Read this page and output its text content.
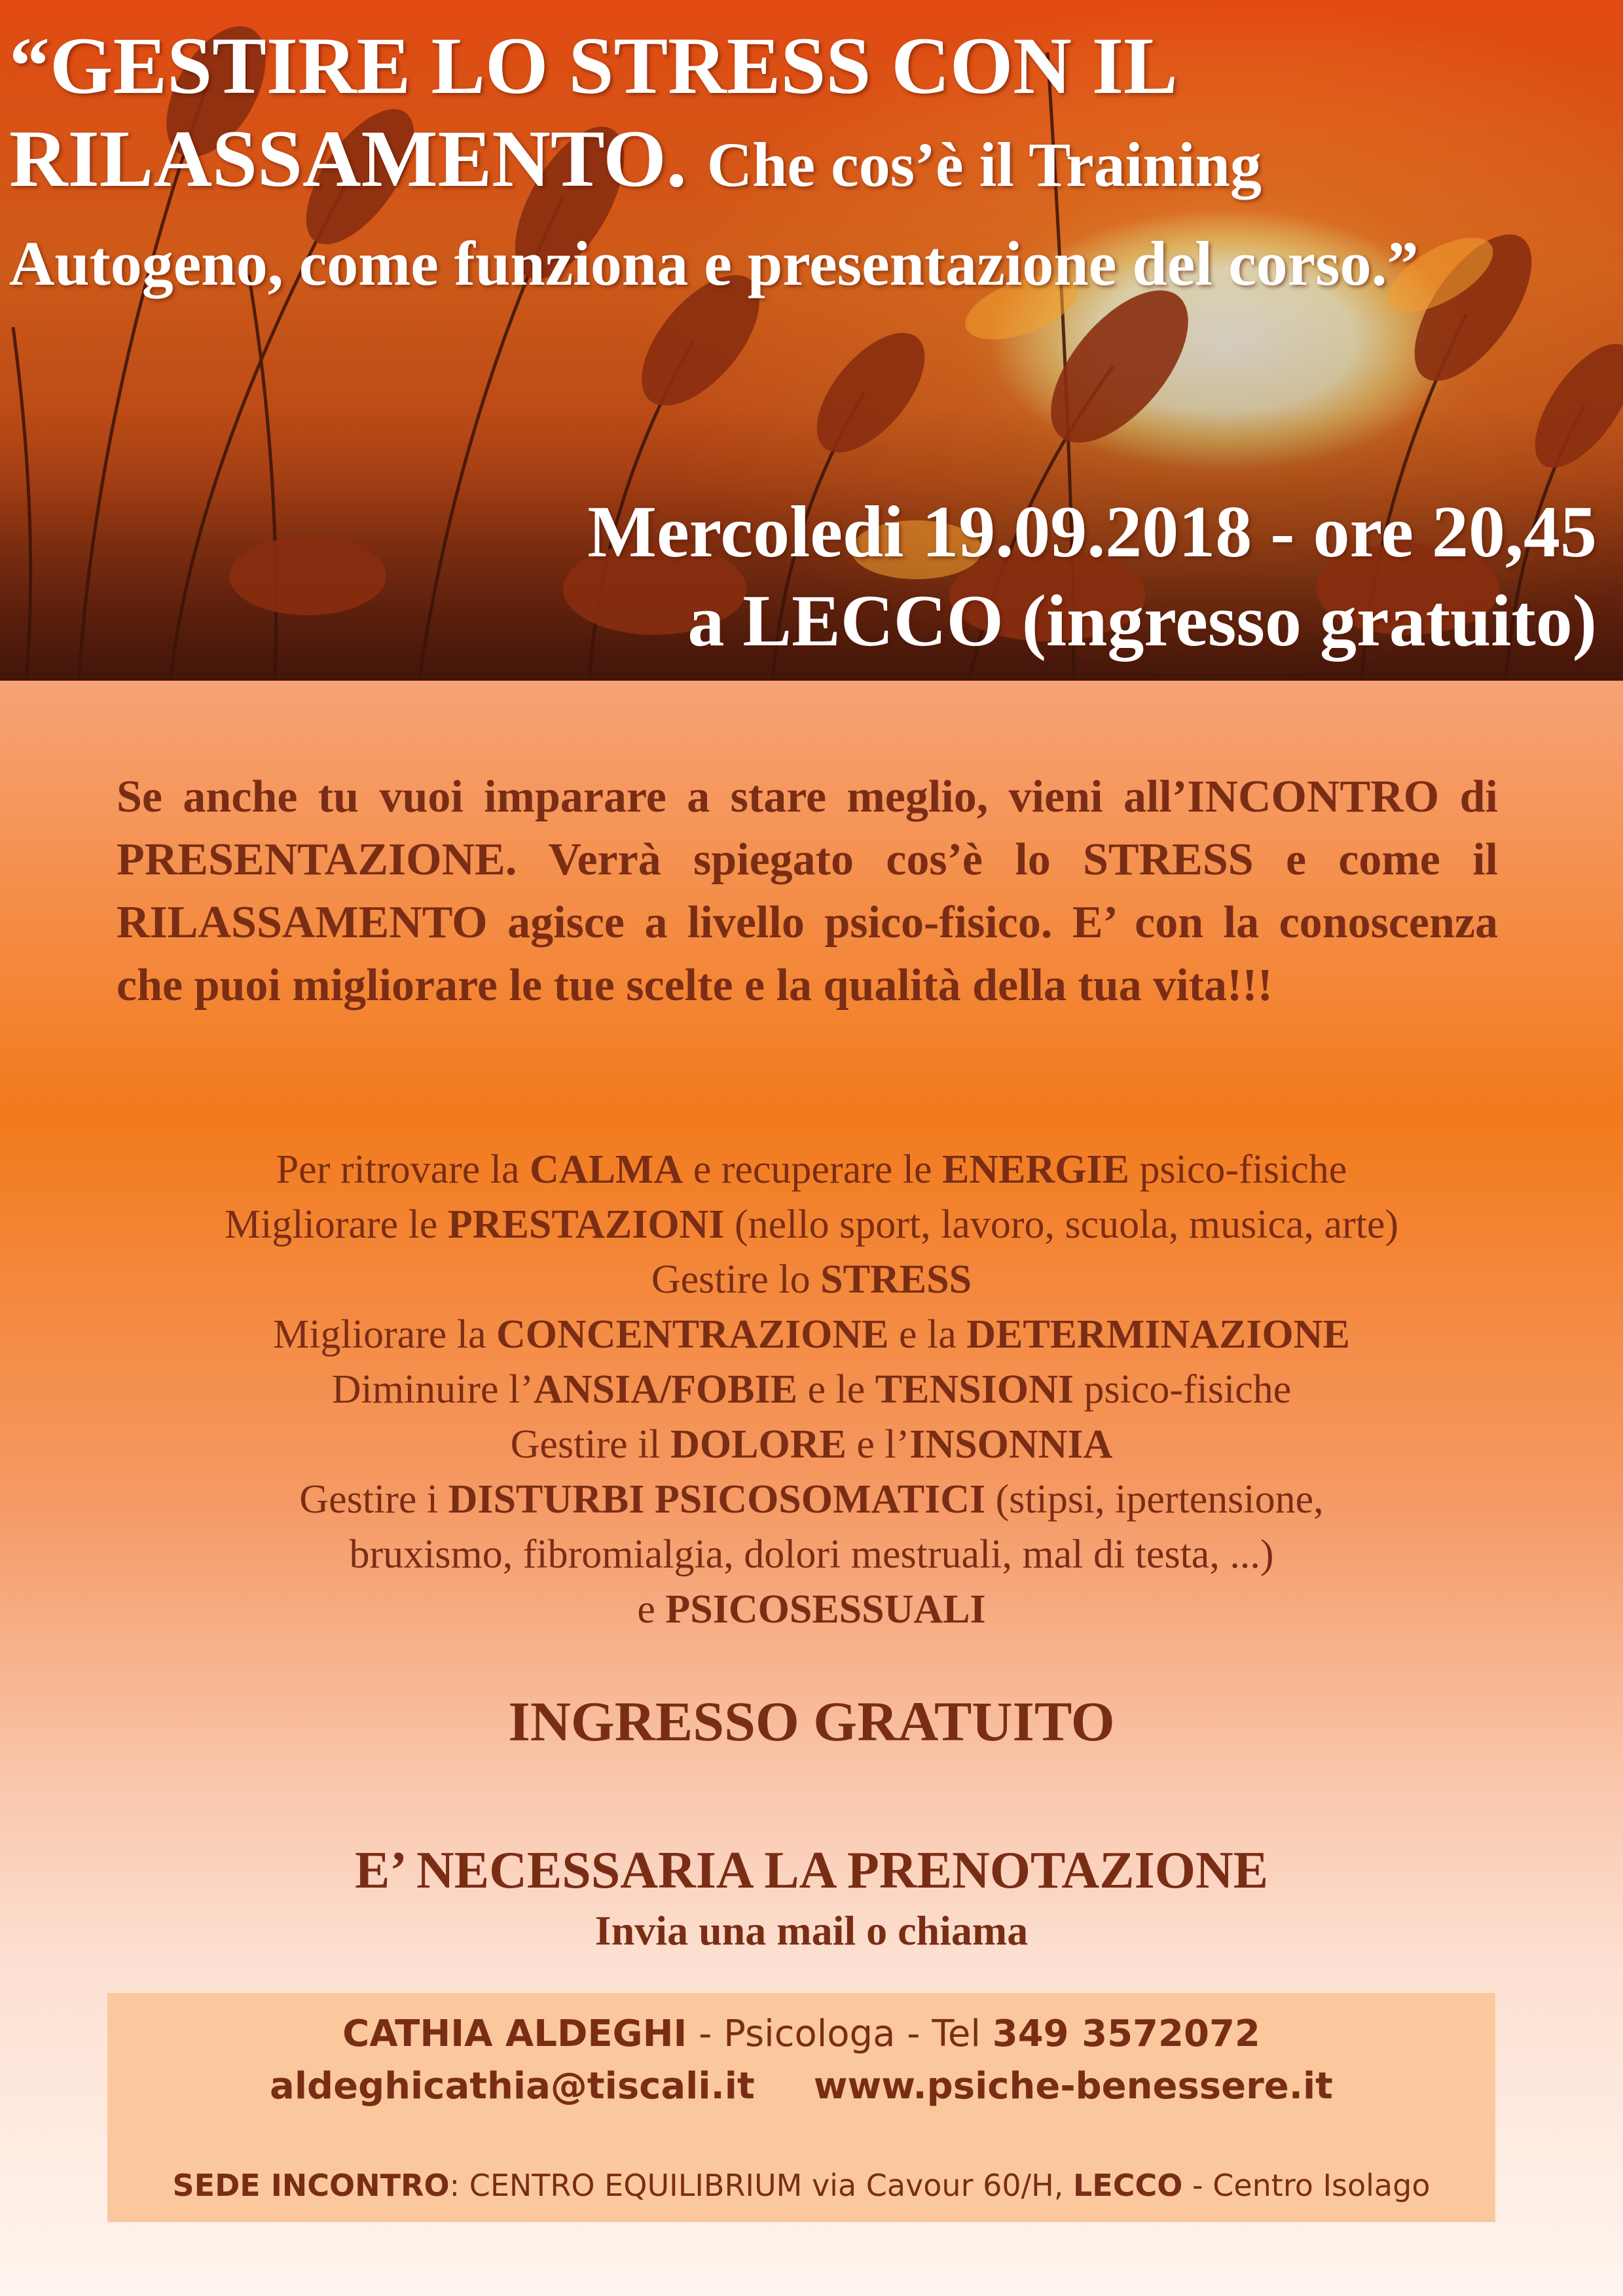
“GESTIRE LO STRESS CON IL RILASSAMENTO. Che cos’è il Training Autogeno, come funziona e presentazione del corso.”
Mercoledi 19.09.2018 - ore 20,45
a LECCO (ingresso gratuito)

Se anche tu vuoi imparare a stare meglio, vieni all’INCONTRO di PRESENTAZIONE. Verrà spiegato cos’è lo STRESS e come il RILASSAMENTO agisce a livello psico-fisico. E’ con la conoscenza che puoi migliorare le tue scelte e la qualità della tua vita!!!

Per ritrovare la CALMA e recuperare le ENERGIE psico-fisiche
Migliorare le PRESTAZIONI (nello sport, lavoro, scuola, musica, arte)
Gestire lo STRESS
Migliorare la CONCENTRAZIONE e la DETERMINAZIONE
Diminuire l’ANSIA/FOBIE e le TENSIONI psico-fisiche
Gestire il DOLORE e l’INSONNIA
Gestire i DISTURBI PSICOSOMATICI (stipsi, ipertensione,
bruxismo, fibromialgia, dolori mestruali, mal di testa, ...)
e PSICOSESSUALI
INGRESSO GRATUITO
E’ NECESSARIA LA PRENOTAZIONE
Invia una mail o chiama
CATHIA ALDEGHI - Psicologa - Tel 349 3572072
aldeghicathia@tiscali.it www.psiche-benessere.it
SEDE INCONTRO: CENTRO EQUILIBRIUM via Cavour 60/H, LECCO - Centro Isolago
